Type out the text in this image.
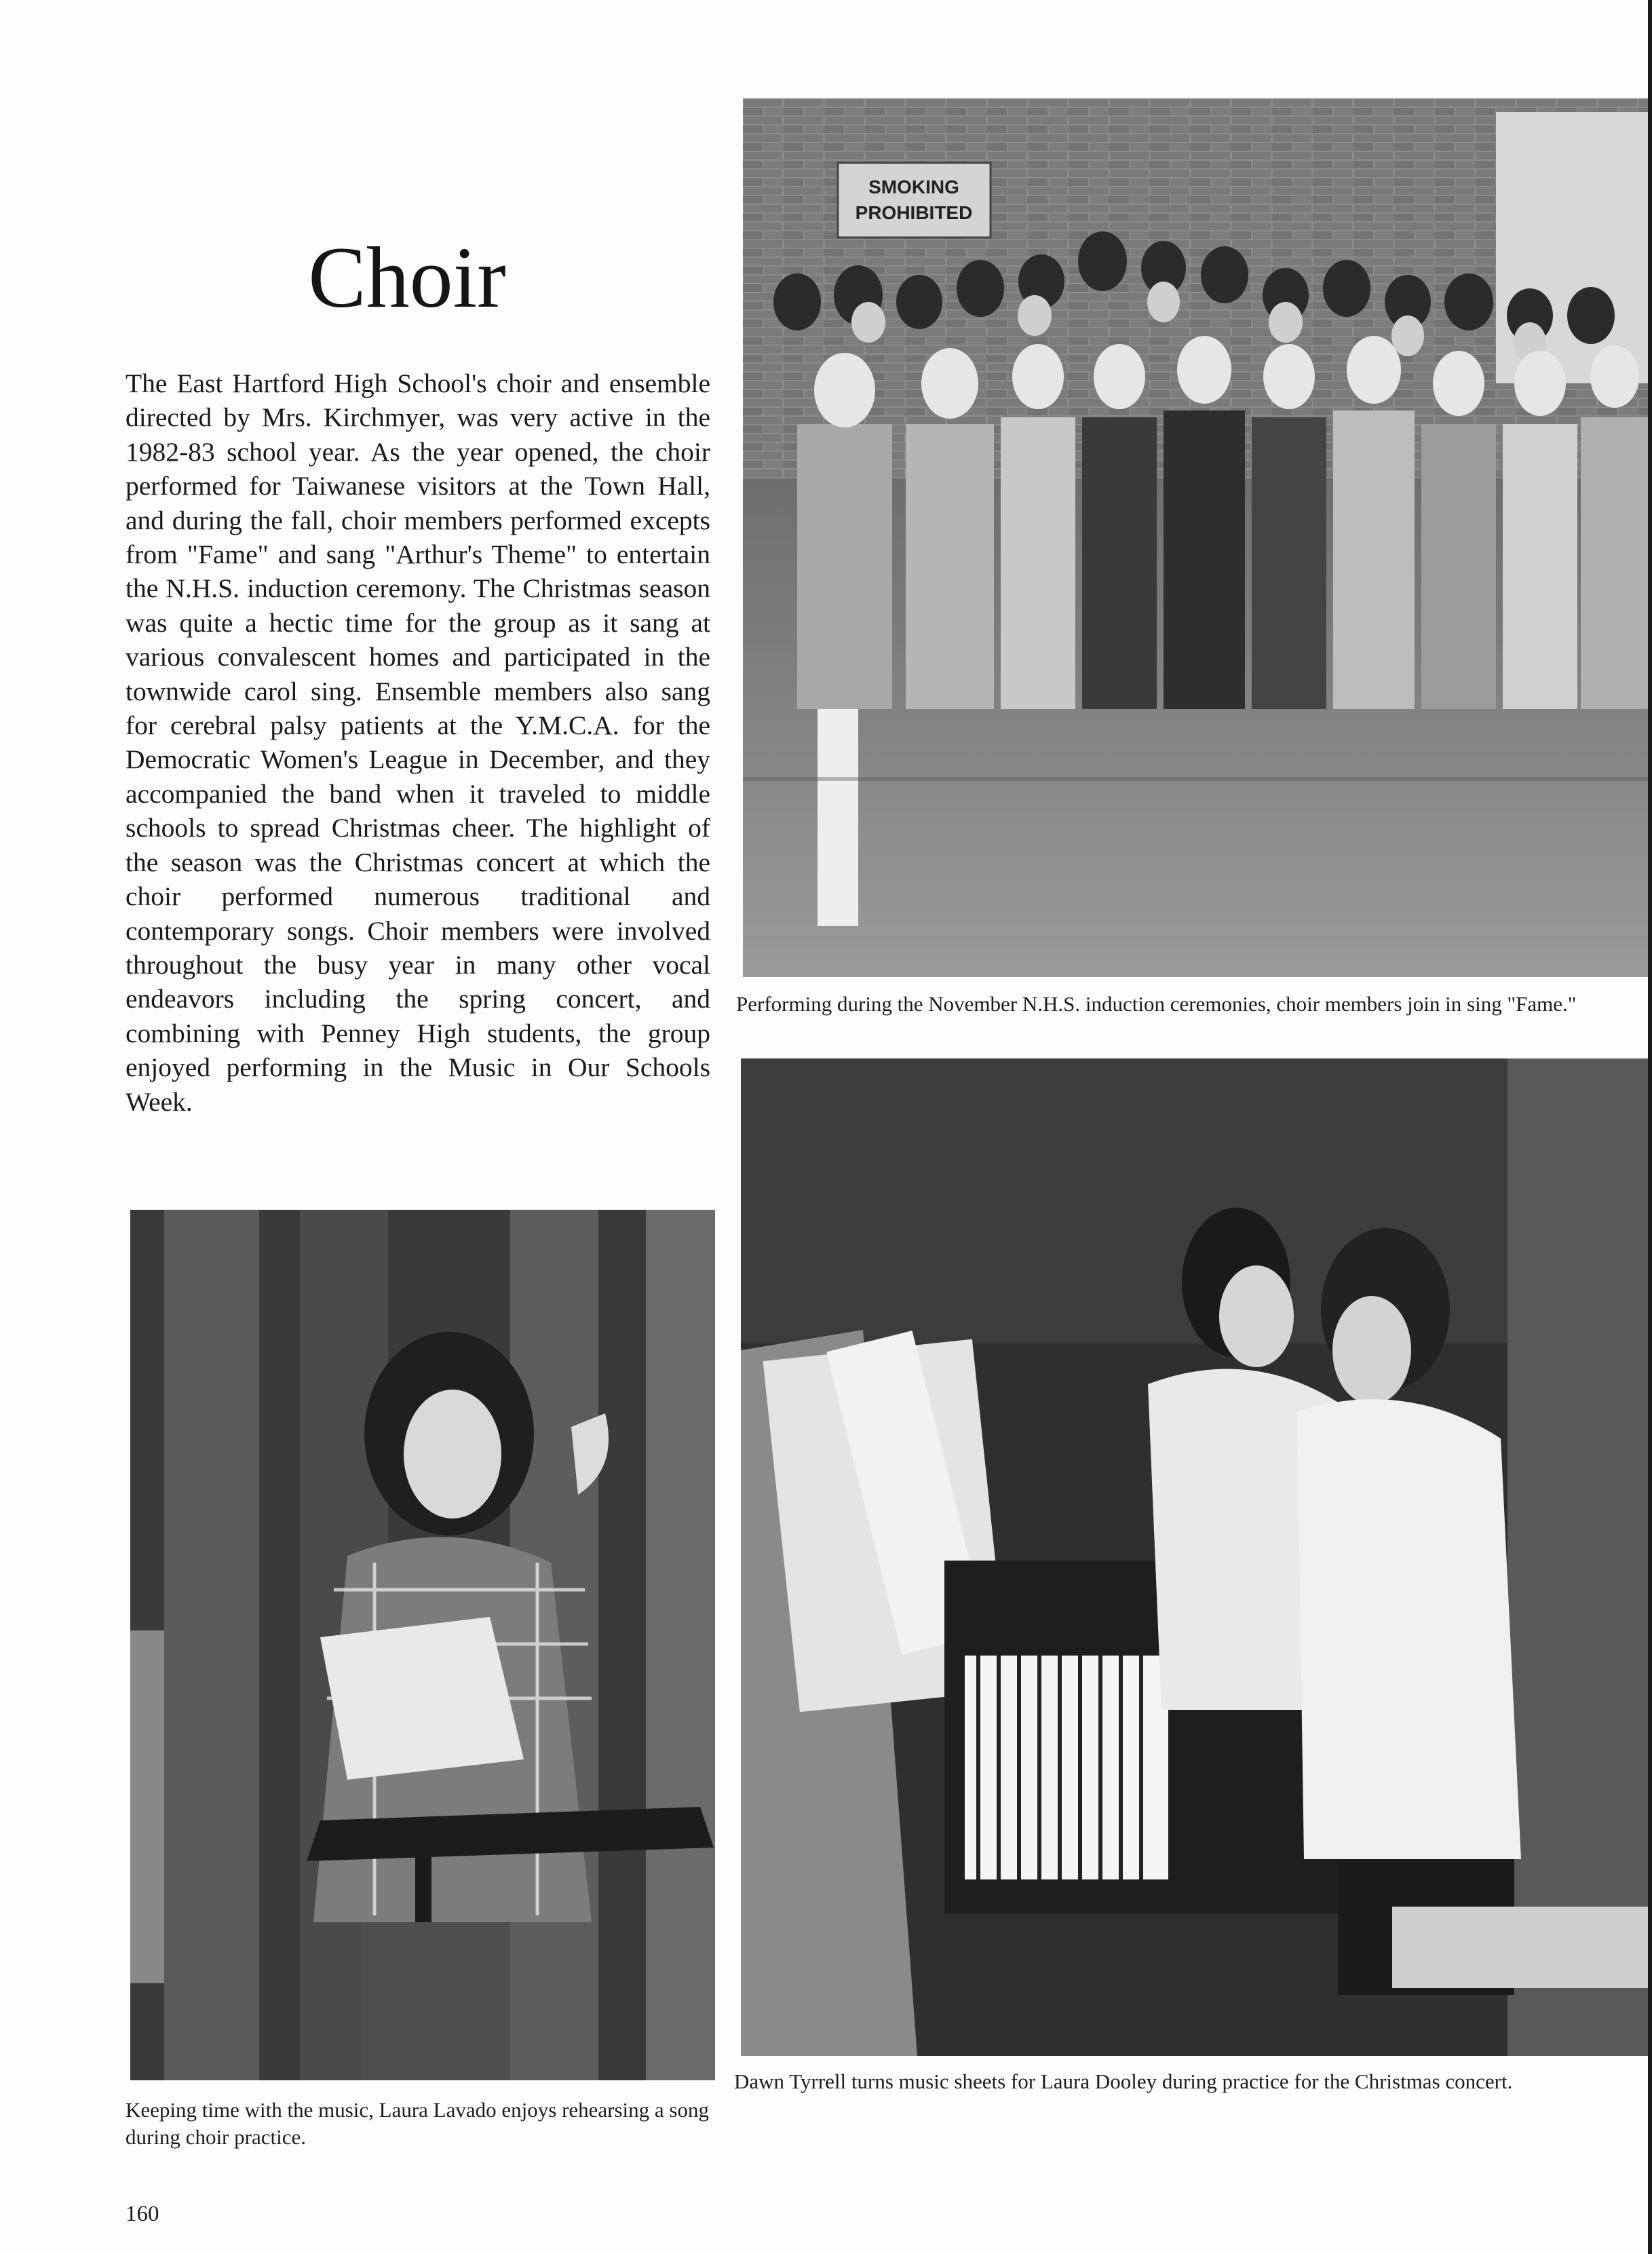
Choir

The East Hartford High School's choir and ensemble directed by Mrs. Kirchmyer, was very active in the 1982-83 school year. As the year opened, the choir performed for Taiwanese visitors at the Town Hall, and during the fall, choir members performed excepts from "Fame" and sang "Arthur's Theme" to entertain the N.H.S. induction ceremony. The Christmas season was quite a hectic time for the group as it sang at various convalescent homes and participated in the townwide carol sing. Ensemble members also sang for cerebral palsy patients at the Y.M.C.A. for the Democratic Women's League in December, and they accompanied the band when it traveled to middle schools to spread Christmas cheer. The highlight of the season was the Christmas concert at which the choir performed numerous traditional and contemporary songs. Choir members were involved throughout the busy year in many other vocal endeavors including the spring concert, and combining with Penney High students, the group enjoyed performing in the Music in Our Schools Week.

SMOKING
PROHIBITED

Performing during the November N.H.S. induction ceremonies, choir members join in sing "Fame."

Dawn Tyrrell turns music sheets for Laura Dooley during practice for the Christmas concert.

Keeping time with the music, Laura Lavado enjoys rehearsing a song during choir practice.

160
